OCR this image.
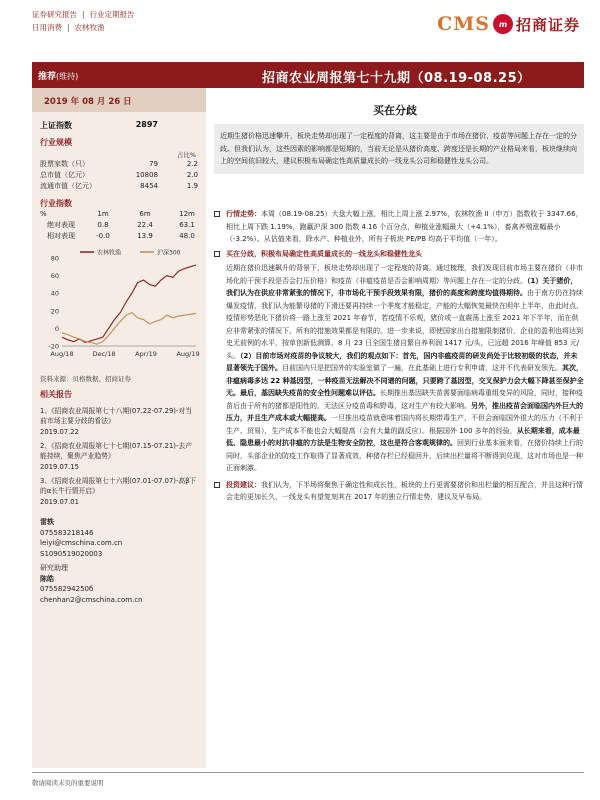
证券研究报告 | 行业定期报告
日用消费 | 农林牧渔	CMS	m 招商证券
推荐(维持)	招商农业周报第七十九期（08.19-08.25）
2019 年 08 月 26 日
上证指数	2897
行业规模
占比%
股票家数（只）	79	2.2
总市值（亿元）	10808	2.0
流通市值（亿元）	8454	1.9
行业指数
%	1m	6m	12m
绝对表现	0.8	22.4	63.1
相对表现	-0.0	13.9	48.0
80
60
40
20
0
-20
Aug/18	Dec/18	Apr/19	Aug/19
农林牧渔	沪深300
资料来源：贝格数据、招商证券
相关报告
1、《招商农业周报第七十八期(07.22-07.29)-对当前市场主要分歧的看法》
2019.07.22
2、《招商农业周报第七十七期(07.15-07.21)-去产能持续，聚焦产业趋势》
2019.07.15
3、《招商农业周报第七十六期(07.01-07.07)-高β下的α长牛行情开启》
2019.07.01
雷轶
075583218146
leiyi@cmschina.com.cn
S1090519020003
研究助理
陈皓
07558294250б
chenhan2@cmschina.com.cn
买在分歧
近期生猪价格迅速攀升，板块走势却出现了一定程度的背离，这主要是由于市场在猪价、疫苗等问题上存在一定的分歧。但我们认为，这些因素的影响都是短期的，当前无论是从猪价高度、跨度还是长期的产业格局来看，板块继续向上的空间依旧较大，建议积极布局确定性高质量成长的一线龙头公司和稳健性龙头公司。
行情走势：本周（08.19-08.25）大盘大幅上涨，相比上周上涨 2.97%，农林牧渔 II（申万）指数收于 3347.66，相比上周下跌 1.19%，跑赢沪深 300 指数 4.16 个百分点，种植业涨幅最大（+4.1%），畜禽养殖涨幅最小（-3.2%）。从估值来看，除水产、种植业外，所有子板块 PE/PB 均高于平均值（一年）。
买在分歧，积极布局确定性高质量成长的一线龙头和稳健性龙头
近期在猪价迅速飙升的背景下，板块走势却出现了一定程度的背离。通过梳理，我们发现目前市场主要在猪价（非市场化的干预手段是否会打压价格）和疫苗（非瘟疫苗是否会影响周期）等问题上存在一定的分歧。（1）关于猪价，我们认为在供应非常紧张的情况下，非市场化干预手段效果有限，猪价的高度和跨度均值得期待。由于南方仍在持续爆发疫情，我们认为能繁母猪的下滑还要再持续一个季度才能稳定，产能的大幅恢复最快在明年上半年，由此时点，疫情形势恶化下猪价将一路上涨至 2021 年春节，若疫情不乐观，猪价或一直震荡上涨至 2021 年下半年，而在供应非常紧张的情况下，所有的措施效果都是有限的。进一步来说，即使国家出台措施限制猪价，企业的盈利也将达到史无前例的水平，按单创新低测算，8 月 23 日全国生猪自繁自养利润 1417 元/头，已远超 2016 年峰值 853 元/头。（2）目前市场对疫苗的争议较大，我们的观点如下：首先，国内非瘟疫苗的研发尚处于比较初级的状态，并未显著领先于国外。目前国内只是把国外的实验室做了一遍，在此基础上进行专利申请，这并不代表研发领先。其次，非瘟病毒多达 22 种基因型，一种疫苗无法解决不同谱的问题，只要跨了基因型，交叉保护力会大幅下降甚至保护全无。最后，基因缺失疫苗的安全性问题难以评估。长期推出基因缺失苗需要面临病毒重组变异的风险，同时，接种疫苗后由于所有的猪都是阳性的，无法区分疫苗毒和野毒，这对生产有较大影响。另外，推出疫苗会面临国内外巨大的压力，并且生产成本或大幅提高。一旦推出疫苗就意味着国内将长期带毒生产，不但会面临国外很大的压力（不利于生产、贸易），生产成本不能也会大幅提高（会有大量的副反应）。根据国外 100 多年的经验，从长期来看，成本最低、隐患最小的对抗非瘟的方法是生物安全防控，这也是符合客观规律的。回到行业基本面来看，在猪价持续上行的同时，头部企业的防疫工作取得了显著成效，种猪存栏已经稳回升，后续出栏量将不断得到兑现，这对市场也是一种正面刺激。
投资建议：我们认为，下半场将聚焦于确定性和成长性，板块的上行更需要猪价和出栏量的相互配合，并且这种行情会走的更加长久，一线龙头有望复刻其在 2017 年的独立行情走势，建议及早布局。
敬请阅读末页的重要说明
